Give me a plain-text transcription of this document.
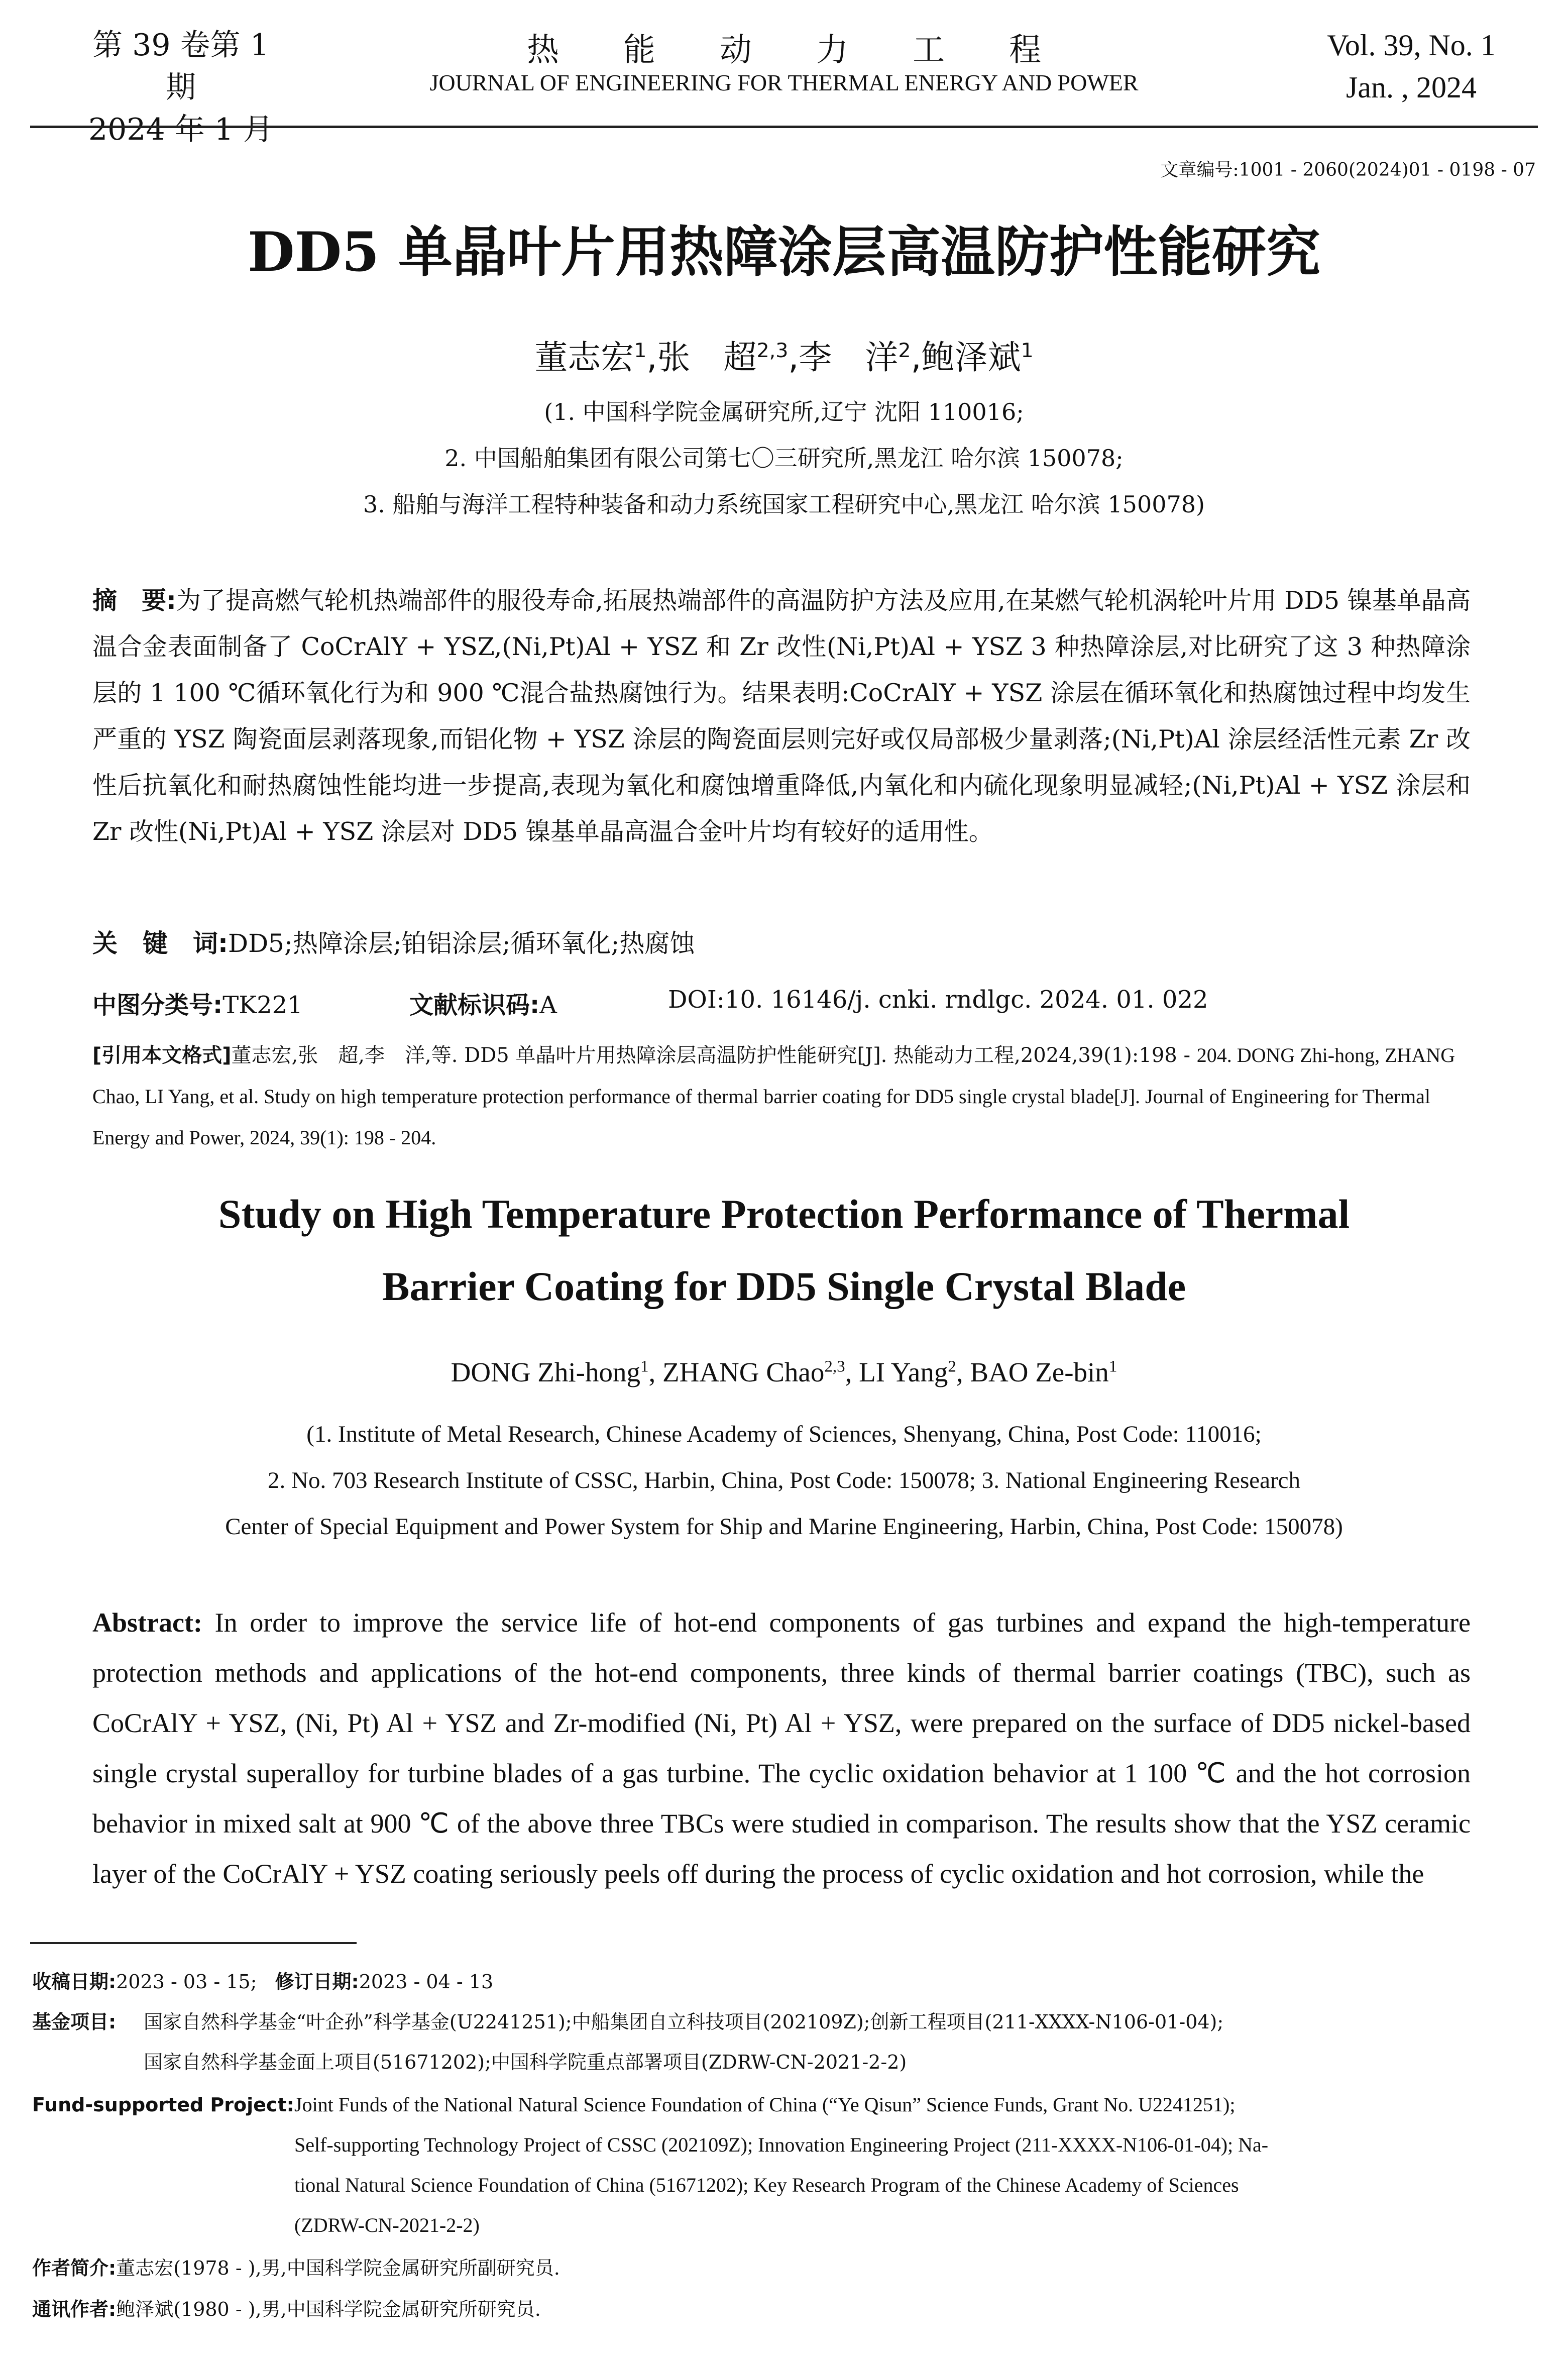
第 39 卷第 1 期
2024 年 1 月
热能动力工程
JOURNAL OF ENGINEERING FOR THERMAL ENERGY AND POWER
Vol. 39, No. 1
Jan. , 2024
文章编号:1001 - 2060(2024)01 - 0198 - 07
DD5 单晶叶片用热障涂层高温防护性能研究
董志宏$^1$,张　超$^{2,3}$,李　洋$^2$,鲍泽斌$^1$
(1. 中国科学院金属研究所,辽宁 沈阳 110016;
2. 中国船舶集团有限公司第七〇三研究所,黑龙江 哈尔滨 150078;
3. 船舶与海洋工程特种装备和动力系统国家工程研究中心,黑龙江 哈尔滨 150078)
摘　要:为了提高燃气轮机热端部件的服役寿命,拓展热端部件的高温防护方法及应用,在某燃气轮机涡轮叶片用 DD5 镍基单晶高温合金表面制备了 CoCrAlY + YSZ,(Ni,Pt)Al + YSZ 和 Zr 改性(Ni,Pt)Al + YSZ 3 种热障涂层,对比研究了这 3 种热障涂层的 1 100 ℃循环氧化行为和 900 ℃混合盐热腐蚀行为。结果表明:CoCrAlY + YSZ 涂层在循环氧化和热腐蚀过程中均发生严重的 YSZ 陶瓷面层剥落现象,而铝化物 + YSZ 涂层的陶瓷面层则完好或仅局部极少量剥落;(Ni,Pt)Al 涂层经活性元素 Zr 改性后抗氧化和耐热腐蚀性能均进一步提高,表现为氧化和腐蚀增重降低,内氧化和内硫化现象明显减轻;(Ni,Pt)Al + YSZ 涂层和 Zr 改性(Ni,Pt)Al + YSZ 涂层对 DD5 镍基单晶高温合金叶片均有较好的适用性。
关　键　词:DD5;热障涂层;铂铝涂层;循环氧化;热腐蚀
中图分类号:TK221	文献标识码:A	DOI:10. 16146/j. cnki. rndlgc. 2024. 01. 022
[引用本文格式]董志宏,张　超,李　洋,等. DD5 单晶叶片用热障涂层高温防护性能研究[J]. 热能动力工程,2024,39(1):198 - 204. DONG Zhi-hong, ZHANG Chao, LI Yang, et al. Study on high temperature protection performance of thermal barrier coating for DD5 single crystal blade[J]. Journal of Engineering for Thermal Energy and Power, 2024, 39(1): 198 - 204.
Study on High Temperature Protection Performance of Thermal
Barrier Coating for DD5 Single Crystal Blade
DONG Zhi-hong$^1$, ZHANG Chao$^{2,3}$, LI Yang$^2$, BAO Ze-bin$^1$
(1. Institute of Metal Research, Chinese Academy of Sciences, Shenyang, China, Post Code: 110016;
2. No. 703 Research Institute of CSSC, Harbin, China, Post Code: 150078; 3. National Engineering Research
Center of Special Equipment and Power System for Ship and Marine Engineering, Harbin, China, Post Code: 150078)
Abstract: In order to improve the service life of hot-end components of gas turbines and expand the high-temperature protection methods and applications of the hot-end components, three kinds of thermal barrier coatings (TBC), such as CoCrAlY + YSZ, (Ni, Pt) Al + YSZ and Zr-modified (Ni, Pt) Al + YSZ, were prepared on the surface of DD5 nickel-based single crystal superalloy for turbine blades of a gas turbine. The cyclic oxidation behavior at 1 100 ℃ and the hot corrosion behavior in mixed salt at 900 ℃ of the above three TBCs were studied in comparison. The results show that the YSZ ceramic layer of the CoCrAlY + YSZ coating seriously peels off during the process of cyclic oxidation and hot corrosion, while the
收稿日期:2023 - 03 - 15; 修订日期:2023 - 04 - 13
基金项目: 国家自然科学基金“叶企孙”科学基金(U2241251);中船集团自立科技项目(202109Z);创新工程项目(211-XXXX-N106-01-04);
国家自然科学基金面上项目(51671202);中国科学院重点部署项目(ZDRW-CN-2021-2-2)
Fund-supported Project: Joint Funds of the National Natural Science Foundation of China (“Ye Qisun” Science Funds, Grant No. U2241251);
Self-supporting Technology Project of CSSC (202109Z); Innovation Engineering Project (211-XXXX-N106-01-04); Na-
tional Natural Science Foundation of China (51671202); Key Research Program of the Chinese Academy of Sciences
(ZDRW-CN-2021-2-2)
作者简介:董志宏(1978 - ),男,中国科学院金属研究所副研究员.
通讯作者:鲍泽斌(1980 - ),男,中国科学院金属研究所研究员.
